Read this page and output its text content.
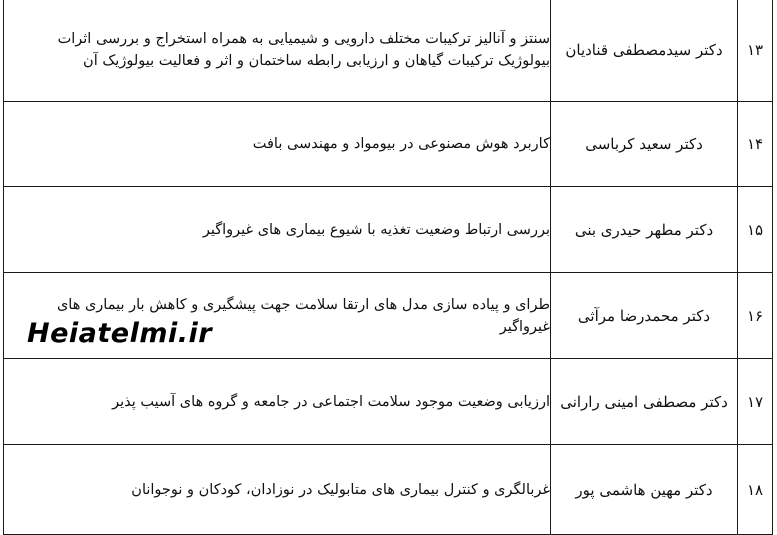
۱۳	دکتر سیدمصطفی قنادیان	سنتز و آنالیز ترکیبات مختلف دارویی و شیمیایی به همراه استخراج و بررسی اثرات بیولوژیک ترکیبات گیاهان و ارزیابی رابطه ساختمان و اثر و فعالیت بیولوژیک آن
۱۴	دکتر سعید کرباسی	کاربرد هوش مصنوعی در بیومواد و مهندسی بافت
۱۵	دکتر مطهر حیدری بنی	بررسی ارتباط وضعیت تغذیه با شیوع بیماری های غیرواگیر
۱۶	دکتر محمدرضا مرآثی	طرای و پیاده سازی مدل های ارتقا سلامت جهت پیشگیری و کاهش بار بیماری های غیرواگیر
۱۷	دکتر مصطفی امینی رارانی	ارزیابی وضعیت موجود سلامت اجتماعی در جامعه و گروه های آسیب پذیر
۱۸	دکتر مهین هاشمی پور	غربالگری و کنترل بیماری های متابولیک در نوزادان، کودکان و نوجوانان
Heiatelmi.ir
